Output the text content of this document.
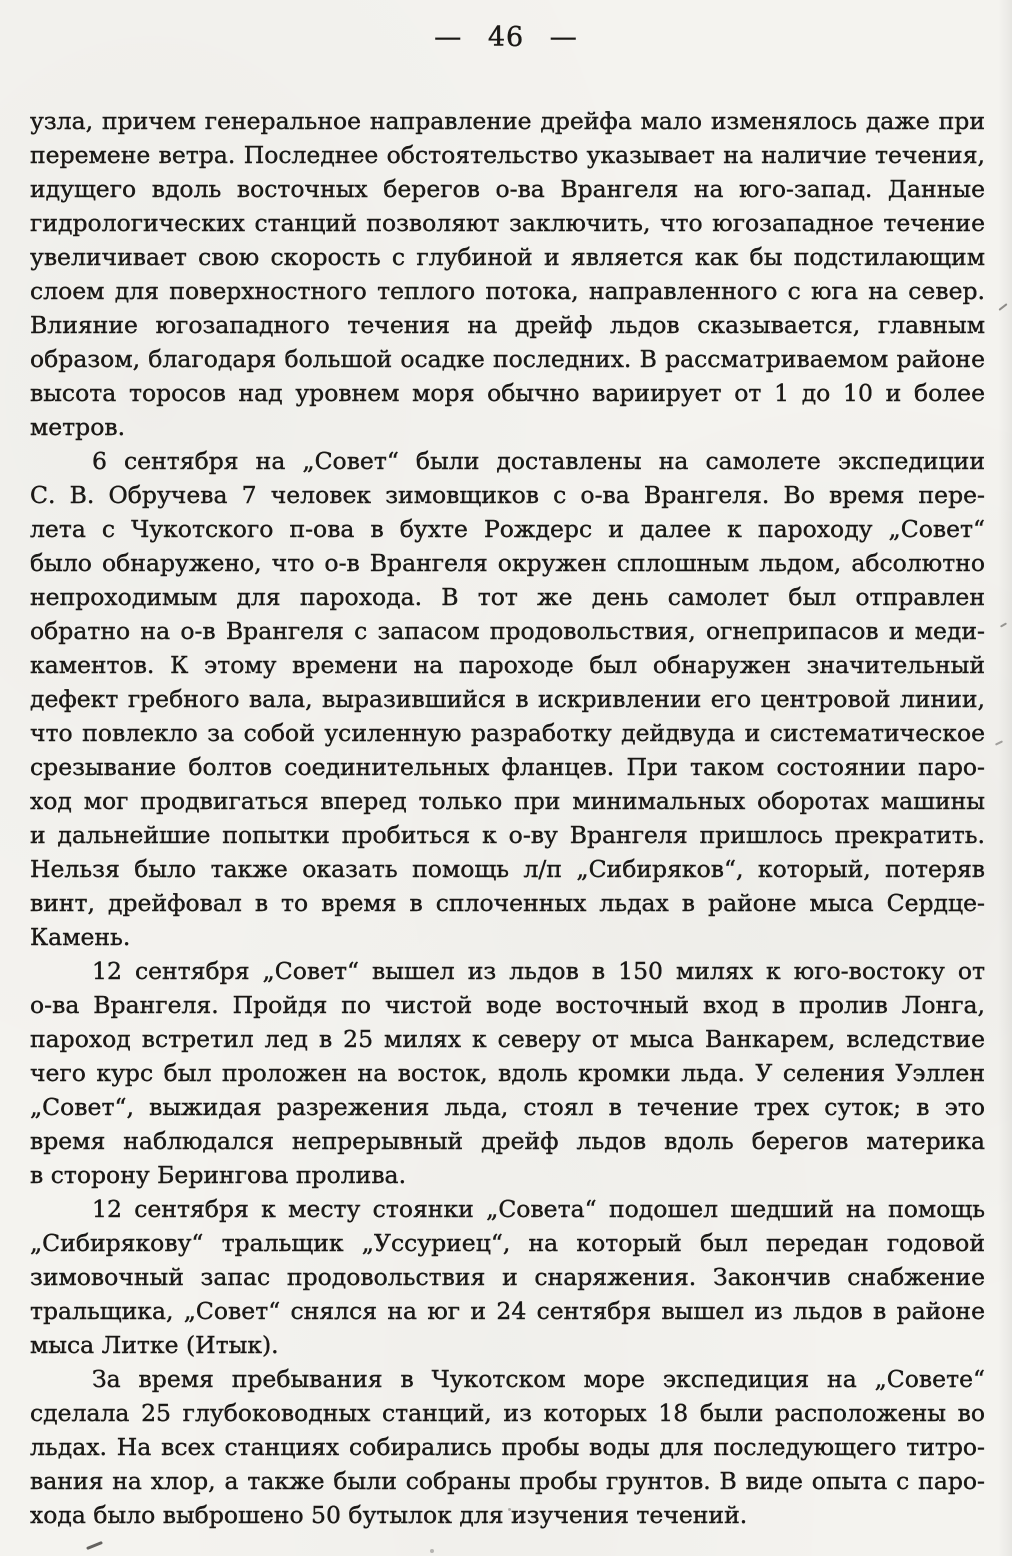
— 46 —

узла, причем генеральное направление дрейфа мало изменялось даже при
перемене ветра. Последнее обстоятельство указывает на наличие течения,
идущего вдоль восточных берегов о-ва Врангеля на юго-запад. Данные
гидрологических станций позволяют заключить, что югозападное течение
увеличивает свою скорость с глубиной и является как бы подстилающим
слоем для поверхностного теплого потока, направленного с юга на север.
Влияние югозападного течения на дрейф льдов сказывается, главным
образом, благодаря большой осадке последних. В рассматриваемом районе
высота торосов над уровнем моря обычно вариирует от 1 до 10 и более
метров.

6 сентября на „Совет“ были доставлены на самолете экспедиции
С. В. Обручева 7 человек зимовщиков с о-ва Врангеля. Во время пере-
лета с Чукотского п-ова в бухте Рождерс и далее к пароходу „Совет“
было обнаружено, что о-в Врангеля окружен сплошным льдом, абсолютно
непроходимым для парохода. В тот же день самолет был отправлен
обратно на о-в Врангеля с запасом продовольствия, огнеприпасов и меди-
каментов. К этому времени на пароходе был обнаружен значительный
дефект гребного вала, выразившийся в искривлении его центровой линии,
что повлекло за собой усиленную разработку дейдвуда и систематическое
срезывание болтов соединительных фланцев. При таком состоянии паро-
ход мог продвигаться вперед только при минимальных оборотах машины
и дальнейшие попытки пробиться к о-ву Врангеля пришлось прекратить.
Нельзя было также оказать помощь л/п „Сибиряков“, который, потеряв
винт, дрейфовал в то время в сплоченных льдах в районе мыса Сердце-
Камень.

12 сентября „Совет“ вышел из льдов в 150 милях к юго-востоку от
о-ва Врангеля. Пройдя по чистой воде восточный вход в пролив Лонга,
пароход встретил лед в 25 милях к северу от мыса Ванкарем, вследствие
чего курс был проложен на восток, вдоль кромки льда. У селения Уэллен
„Совет“, выжидая разрежения льда, стоял в течение трех суток; в это
время наблюдался непрерывный дрейф льдов вдоль берегов материка
в сторону Берингова пролива.

12 сентября к месту стоянки „Совета“ подошел шедший на помощь
„Сибирякову“ тральщик „Уссуриец“, на который был передан годовой
зимовочный запас продовольствия и снаряжения. Закончив снабжение
тральщика, „Совет“ снялся на юг и 24 сентября вышел из льдов в районе
мыса Литке (Итык).

За время пребывания в Чукотском море экспедиция на „Совете“
сделала 25 глубоководных станций, из которых 18 были расположены во
льдах. На всех станциях собирались пробы воды для последующего титро-
вания на хлор, а также были собраны пробы грунтов. В виде опыта с паро-
хода было выброшено 50 бутылок для изучения течений.
